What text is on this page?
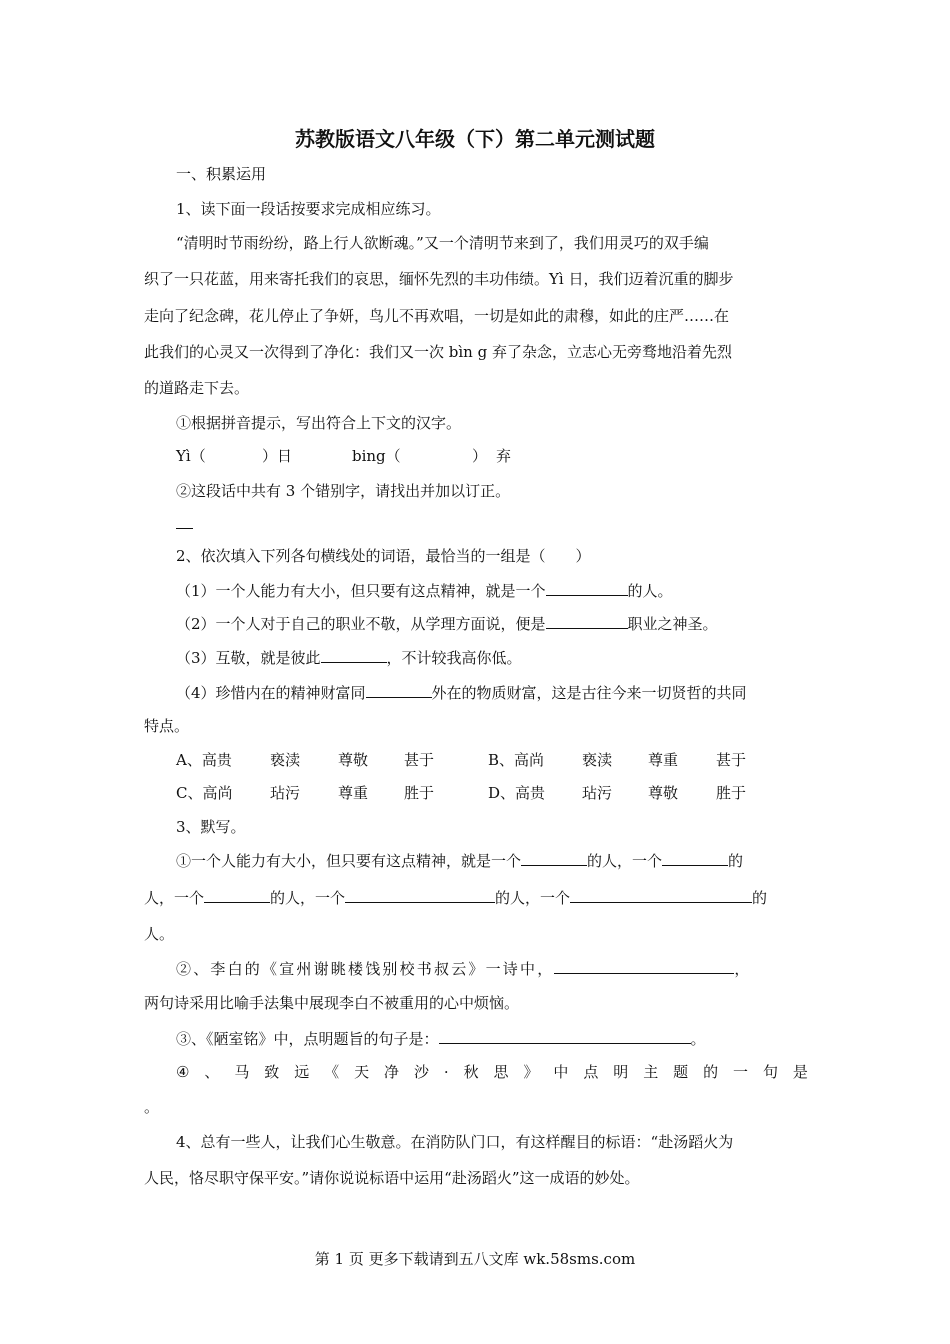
苏教版语文八年级（下）第二单元测试题
一、积累运用
1、读下面一段话按要求完成相应练习。
“清明时节雨纷纷，路上行人欲断魂。”又一个清明节来到了，我们用灵巧的双手编
织了一只花蓝，用来寄托我们的哀思，缅怀先烈的丰功伟绩。Yì 日，我们迈着沉重的脚步
走向了纪念碑，花儿停止了争妍，鸟儿不再欢唱，一切是如此的肃穆，如此的庄严……在
此我们的心灵又一次得到了净化：我们又一次 bìn g 弃了杂念，立志心无旁骛地沿着先烈
的道路走下去。
①根据拼音提示，写出符合上下文的汉字。
Yì（	）日	bing（	） 弃
②这段话中共有 3 个错别字，请找出并加以订正。
2、依次填入下列各句横线处的词语，最恰当的一组是（　　）
（1）一个人能力有大小，但只要有这点精神，就是一个	的人。
（2）一个人对于自己的职业不敬，从学理方面说，便是	职业之神圣。
（3）互敬，就是彼此	，不计较我高你低。
（4）珍惜内在的精神财富同	外在的物质财富，这是古往今来一切贤哲的共同
特点。
A、高贵	亵渎	尊敬 甚于	B、高尚	亵渎 尊重	甚于
C、高尚	玷污	尊重 胜于	D、高贵 玷污 尊敬	胜于
3、默写。
①一个人能力有大小，但只要有这点精神，就是一个	的人，一个	的
人，一个	的人，一个	的人，一个	的
人。
②、李白的《宣州谢眺楼饯别校书叔云》一诗中，	，
两句诗采用比喻手法集中展现李白不被重用的心中烦恼。
③、《陋室铭》中，点明题旨的句子是：	。
④ 、 马 致 远 《 天 净 沙 · 秋 思 》 中 点 明 主 题 的 一 句 是
。
4、总有一些人，让我们心生敬意。在消防队门口，有这样醒目的标语：“赴汤蹈火为
人民，恪尽职守保平安。”请你说说标语中运用“赴汤蹈火”这一成语的妙处。
第 1 页 更多下载请到五八文库 wk.58sms.com
